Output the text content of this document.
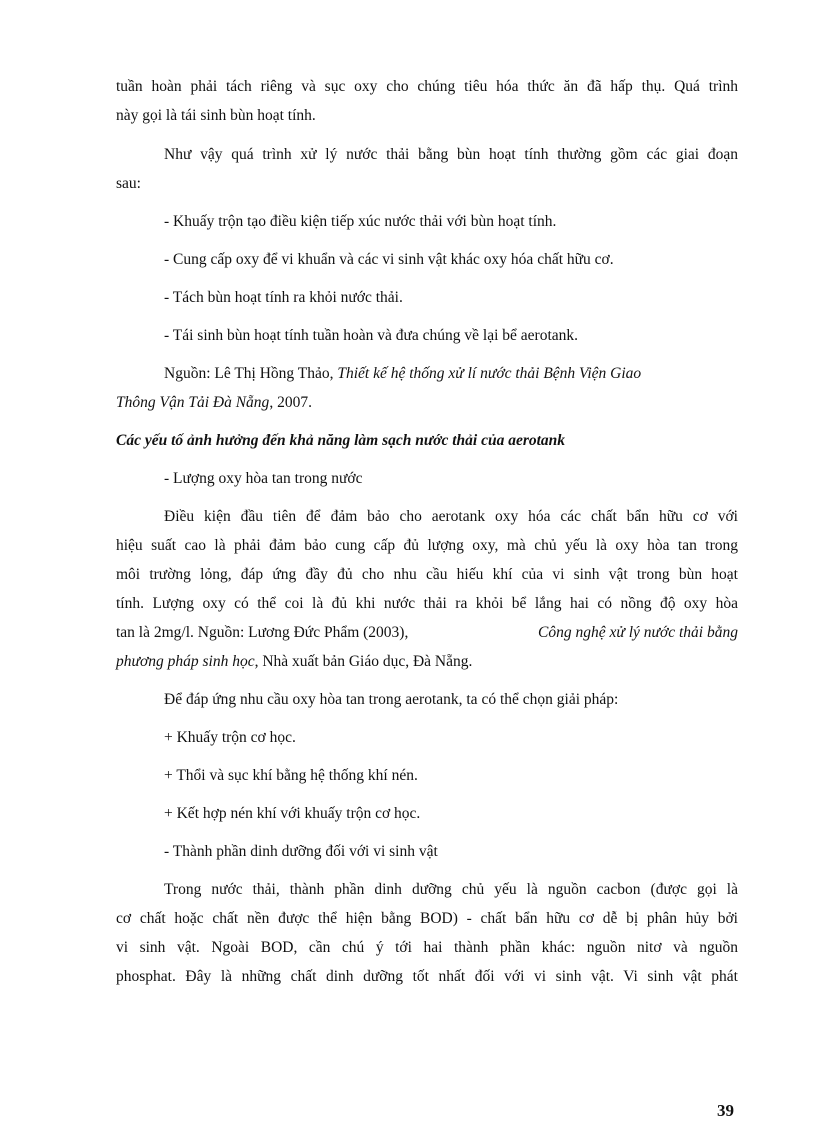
tuần hoàn phải tách riêng và sục oxy cho chúng tiêu hóa thức ăn đã hấp thụ. Quá trình
này gọi là tái sinh bùn hoạt tính.
Như vậy quá trình xử lý nước thải bằng bùn hoạt tính thường gồm các giai đoạn
sau:
- Khuấy trộn tạo điều kiện tiếp xúc nước thải với bùn hoạt tính.
- Cung cấp oxy để vi khuẩn và các vi sinh vật khác oxy hóa chất hữu cơ.
- Tách bùn hoạt tính ra khỏi nước thải.
- Tái sinh bùn hoạt tính tuần hoàn và đưa chúng về lại bể aerotank.
Nguồn: Lê Thị Hồng Thảo, Thiết kế hệ thống xử lí nước thải Bệnh Viện Giao
Thông Vận Tải Đà Nẵng, 2007.
Các yếu tố ảnh hưởng đến khả năng làm sạch nước thải của aerotank
- Lượng oxy hòa tan trong nước
Điều kiện đầu tiên để đảm bảo cho aerotank oxy hóa các chất bẩn hữu cơ với
hiệu suất cao là phải đảm bảo cung cấp đủ lượng oxy, mà chủ yếu là oxy hòa tan trong
môi trường lỏng, đáp ứng đầy đủ cho nhu cầu hiếu khí của vi sinh vật trong bùn hoạt
tính. Lượng oxy có thể coi là đủ khi nước thải ra khỏi bể lắng hai có nồng độ oxy hòa
tan là 2mg/l. Nguồn: Lương Đức Phẩm (2003),	Công nghệ xử lý nước thải bằng
phương pháp sinh học, Nhà xuất bản Giáo dục, Đà Nẵng.
Để đáp ứng nhu cầu oxy hòa tan trong aerotank, ta có thể chọn giải pháp:
+ Khuấy trộn cơ học.
+ Thổi và sục khí bằng hệ thống khí nén.
+ Kết hợp nén khí với khuấy trộn cơ học.
- Thành phần dinh dưỡng đối với vi sinh vật
Trong nước thải, thành phần dinh dưỡng chủ yếu là nguồn cacbon (được gọi là
cơ chất hoặc chất nền được thể hiện bằng BOD) - chất bẩn hữu cơ dễ bị phân hủy bởi
vi sinh vật. Ngoài BOD, cần chú ý tới hai thành phần khác: nguồn nitơ và nguồn
phosphat. Đây là những chất dinh dưỡng tốt nhất đối với vi sinh vật. Vi sinh vật phát
39
